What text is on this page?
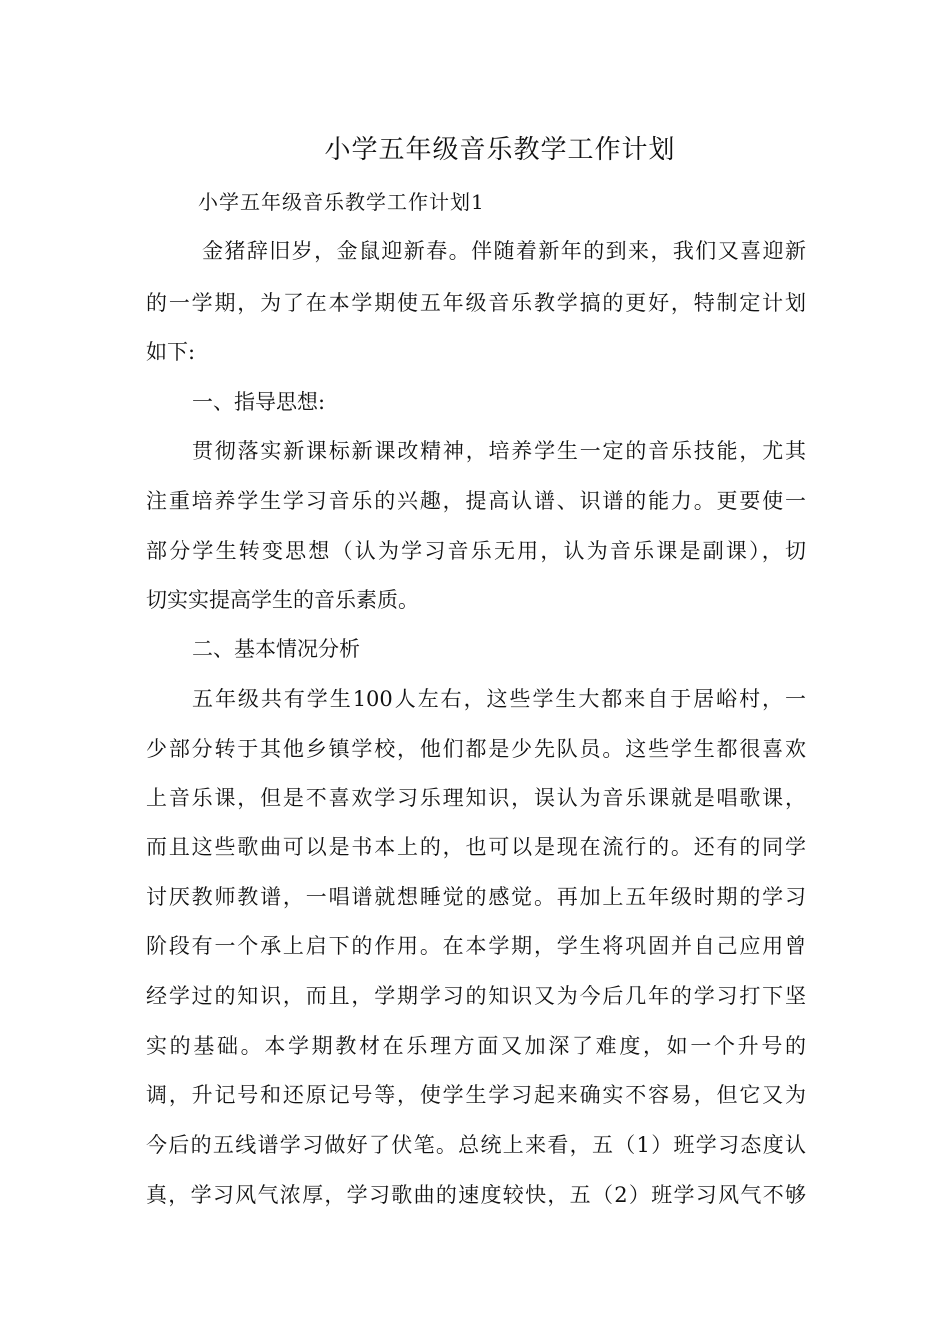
小学五年级音乐教学工作计划
小学五年级音乐教学工作计划1
金猪辞旧岁，金鼠迎新春。伴随着新年的到来，我们又喜迎新
的一学期，为了在本学期使五年级音乐教学搞的更好，特制定计划
如下:
一、指导思想:
贯彻落实新课标新课改精神，培养学生一定的音乐技能，尤其
注重培养学生学习音乐的兴趣，提高认谱、识谱的能力。更要使一
部分学生转变思想（认为学习音乐无用，认为音乐课是副课），切
切实实提高学生的音乐素质。
二、基本情况分析
五年级共有学生100人左右，这些学生大都来自于居峪村，一
少部分转于其他乡镇学校，他们都是少先队员。这些学生都很喜欢
上音乐课，但是不喜欢学习乐理知识，误认为音乐课就是唱歌课，
而且这些歌曲可以是书本上的，也可以是现在流行的。还有的同学
讨厌教师教谱，一唱谱就想睡觉的感觉。再加上五年级时期的学习
阶段有一个承上启下的作用。在本学期，学生将巩固并自己应用曾
经学过的知识，而且，学期学习的知识又为今后几年的学习打下坚
实的基础。本学期教材在乐理方面又加深了难度，如一个升号的
调，升记号和还原记号等，使学生学习起来确实不容易，但它又为
今后的五线谱学习做好了伏笔。总统上来看，五（1）班学习态度认
真，学习风气浓厚，学习歌曲的速度较快，五（2）班学习风气不够
